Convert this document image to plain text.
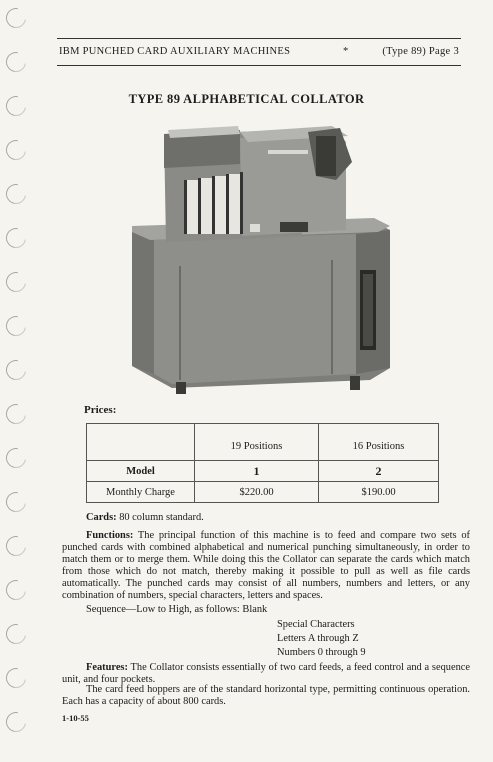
IBM PUNCHED CARD AUXILIARY MACHINES	*	(Type 89) Page 3
TYPE 89 ALPHABETICAL COLLATOR
Prices:
	19 Positions	16 Positions
Model	1	2
Monthly Charge	$220.00	$190.00
Cards: 80 column standard.
Functions: The principal function of this machine is to feed and compare two sets of punched cards with combined alphabetical and numerical punching simultaneously, in order to match them or to merge them. While doing this the Collator can separate the cards which match from those which do not match, thereby making it possible to pull as well as file cards automatically. The punched cards may consist of all numbers, numbers and letters, or any combination of numbers, special characters, letters and spaces.
Sequence—Low to High, as follows: Blank
Special Characters
Letters A through Z
Numbers 0 through 9
Features: The Collator consists essentially of two card feeds, a feed control and a sequence unit, and four pockets.
The card feed hoppers are of the standard horizontal type, permitting continuous operation. Each has a capacity of about 800 cards.
1-10-55
